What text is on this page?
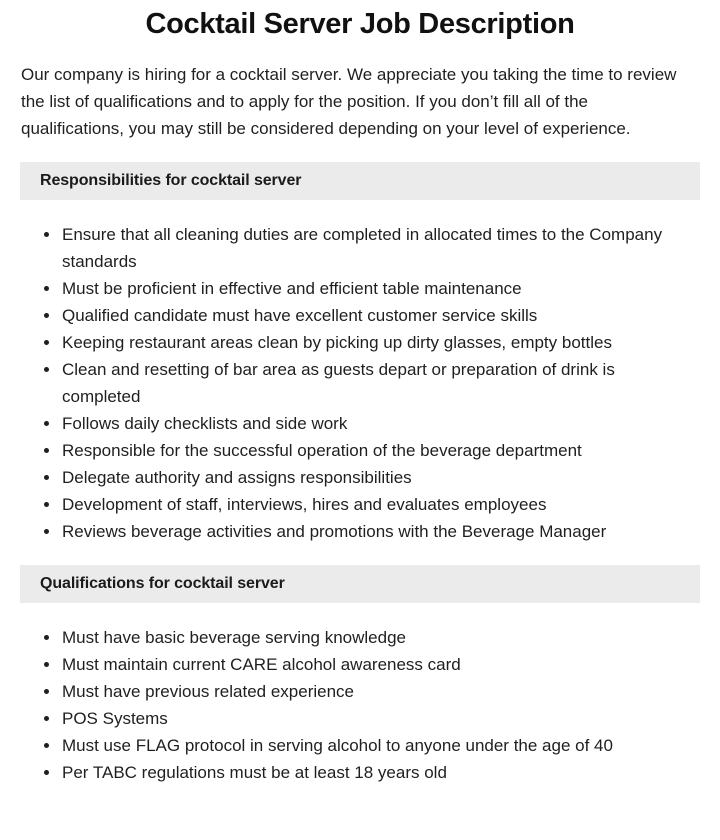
Cocktail Server Job Description

Our company is hiring for a cocktail server. We appreciate you taking the time to review the list of qualifications and to apply for the position. If you don’t fill all of the qualifications, you may still be considered depending on your level of experience.

Responsibilities for cocktail server
Ensure that all cleaning duties are completed in allocated times to the Company standards
Must be proficient in effective and efficient table maintenance
Qualified candidate must have excellent customer service skills
Keeping restaurant areas clean by picking up dirty glasses, empty bottles
Clean and resetting of bar area as guests depart or preparation of drink is completed
Follows daily checklists and side work
Responsible for the successful operation of the beverage department
Delegate authority and assigns responsibilities
Development of staff, interviews, hires and evaluates employees
Reviews beverage activities and promotions with the Beverage Manager
Qualifications for cocktail server
Must have basic beverage serving knowledge
Must maintain current CARE alcohol awareness card
Must have previous related experience
POS Systems
Must use FLAG protocol in serving alcohol to anyone under the age of 40
Per TABC regulations must be at least 18 years old
